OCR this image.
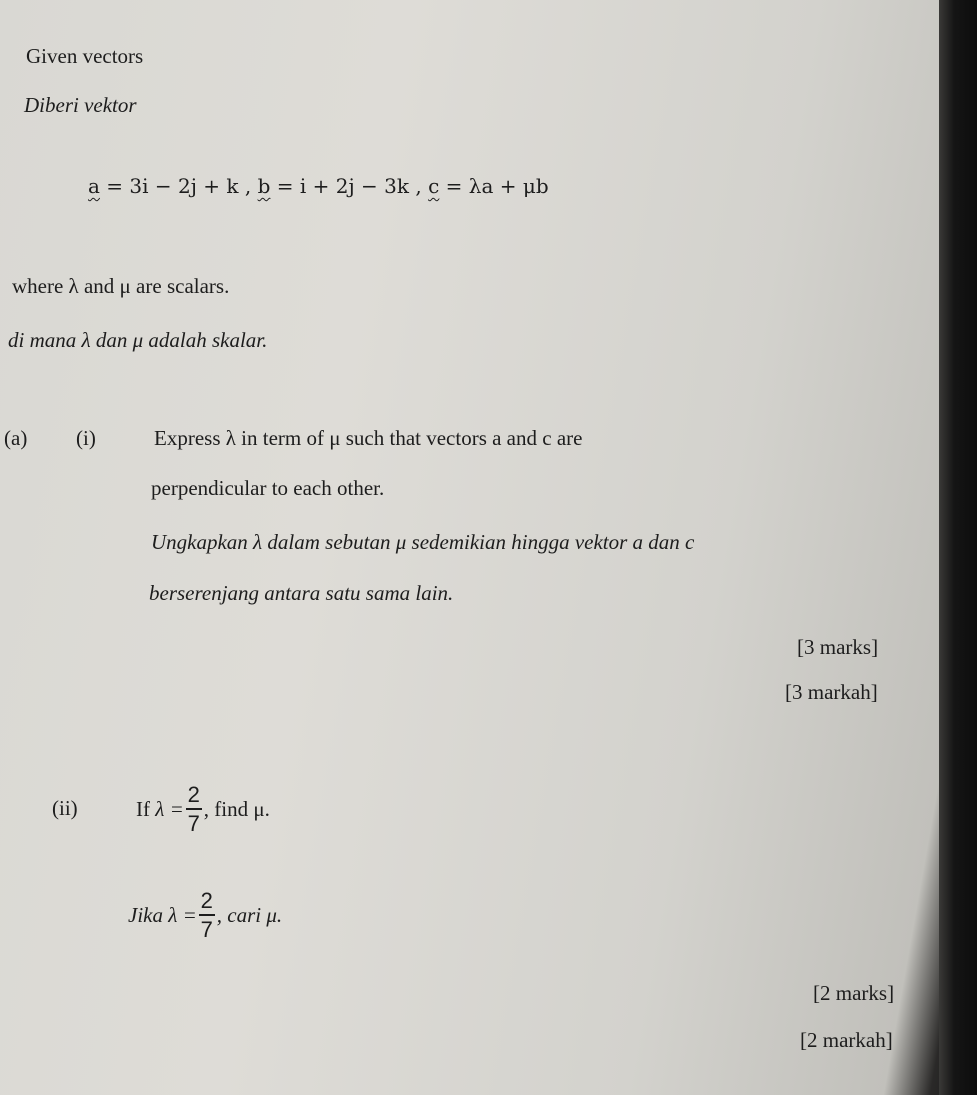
Given vectors
Diberi vektor
a = 3i − 2j + k , b = i + 2j − 3k , c = λa + μb
where λ and μ are scalars.
di mana λ dan μ adalah skalar.
(a) (i)	Express λ in term of μ such that vectors a and c are
perpendicular to each other.
Ungkapkan λ dalam sebutan μ sedemikian hingga vektor a dan c
berserenjang antara satu sama lain.
[3 marks]
[3 markah]
(ii)	If
$\lambda = \frac{2}{7}$ , find μ.
Jika
$\lambda = \frac{2}{7}$ , cari μ.
[2 marks]
[2 markah]
